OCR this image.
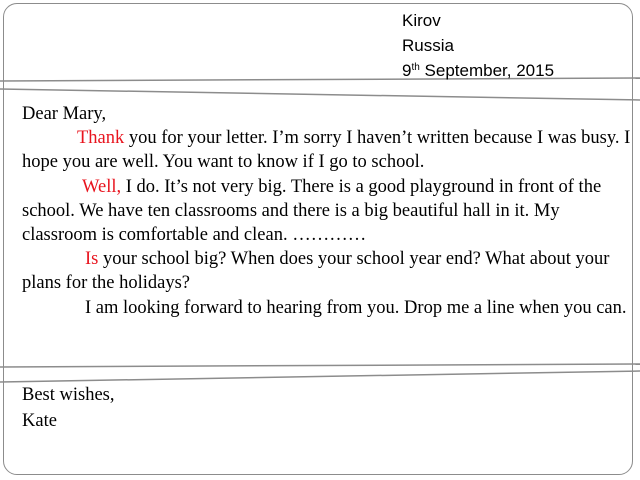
Kirov
Russia
9th September, 2015

Dear Mary,

Thank you for your letter. I’m sorry I haven’t written because I was busy. I hope you are well. You want to know if I go to school.

Well, I do. It’s not very big. There is a good playground in front of the school. We have ten classrooms and there is a big beautiful hall in it. My classroom is comfortable and clean. …………

Is your school big? When does your school year end? What about your plans for the holidays?

I am looking forward to hearing from you. Drop me a line when you can.

Best wishes,
Kate
